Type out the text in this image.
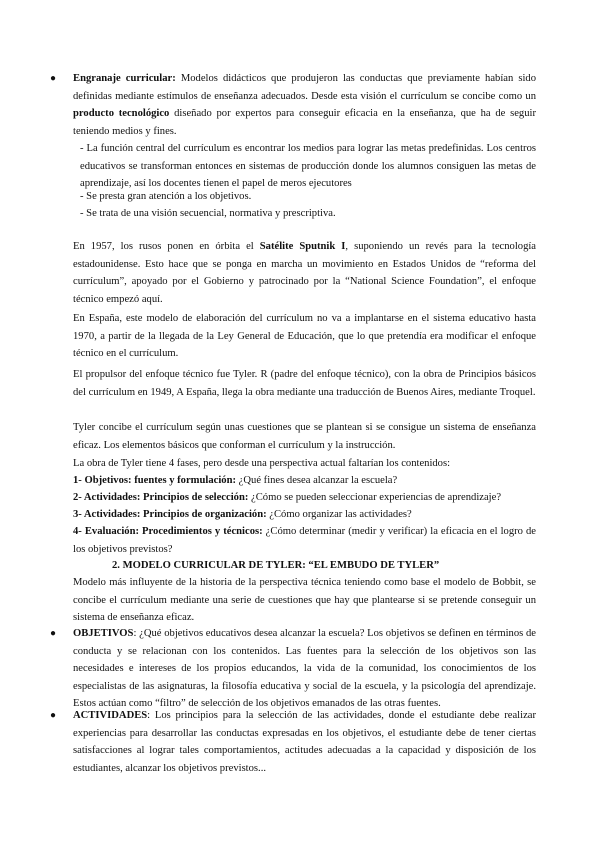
● Engranaje curricular: Modelos didácticos que produjeron las conductas que previamente habían sido definidas mediante estímulos de enseñanza adecuados. Desde esta visión el currículum se concibe como un producto tecnológico diseñado por expertos para conseguir eficacia en la enseñanza, que ha de seguir teniendo medios y fines.

- La función central del currículum es encontrar los medios para lograr las metas predefinidas. Los centros educativos se transforman entonces en sistemas de producción donde los alumnos consiguen las metas de aprendizaje, así los docentes tienen el papel de meros ejecutores

- Se presta gran atención a los objetivos.

- Se trata de una visión secuencial, normativa y prescriptiva.

En 1957, los rusos ponen en órbita el Satélite Sputnik I, suponiendo un revés para la tecnología estadounidense. Esto hace que se ponga en marcha un movimiento en Estados Unidos de “reforma del currículum”, apoyado por el Gobierno y patrocinado por la “National Science Foundation”, el enfoque técnico empezó aquí.

En España, este modelo de elaboración del currículum no va a implantarse en el sistema educativo hasta 1970, a partir de la llegada de la Ley General de Educación, que lo que pretendía era modificar el enfoque técnico en el currículum.

El propulsor del enfoque técnico fue Tyler. R (padre del enfoque técnico), con la obra de Principios básicos del currículum en 1949, A España, llega la obra mediante una traducción de Buenos Aires, mediante Troquel.

Tyler concibe el currículum según unas cuestiones que se plantean si se consigue un sistema de enseñanza eficaz. Los elementos básicos que conforman el currículum y la instrucción.

La obra de Tyler tiene 4 fases, pero desde una perspectiva actual faltarían los contenidos:

1- Objetivos: fuentes y formulación: ¿Qué fines desea alcanzar la escuela?

2- Actividades: Principios de selección: ¿Cómo se pueden seleccionar experiencias de aprendizaje?

3- Actividades: Principios de organización: ¿Cómo organizar las actividades?

4- Evaluación: Procedimientos y técnicos: ¿Cómo determinar (medir y verificar) la eficacia en el logro de los objetivos previstos?

2. MODELO CURRICULAR DE TYLER: “EL EMBUDO DE TYLER”

Modelo más influyente de la historia de la perspectiva técnica teniendo como base el modelo de Bobbit, se concibe el currículum mediante una serie de cuestiones que hay que plantearse si se pretende conseguir un sistema de enseñanza eficaz.

● OBJETIVOS: ¿Qué objetivos educativos desea alcanzar la escuela? Los objetivos se definen en términos de conducta y se relacionan con los contenidos. Las fuentes para la selección de los objetivos son las necesidades e intereses de los propios educandos, la vida de la comunidad, los conocimientos de los especialistas de las asignaturas, la filosofía educativa y social de la escuela, y la psicología del aprendizaje. Estos actúan como “filtro” de selección de los objetivos emanados de las otras fuentes.

● ACTIVIDADES: Los principios para la selección de las actividades, donde el estudiante debe realizar experiencias para desarrollar las conductas expresadas en los objetivos, el estudiante debe de tener ciertas satisfacciones al lograr tales comportamientos, actitudes adecuadas a la capacidad y disposición de los estudiantes, alcanzar los objetivos previstos...
